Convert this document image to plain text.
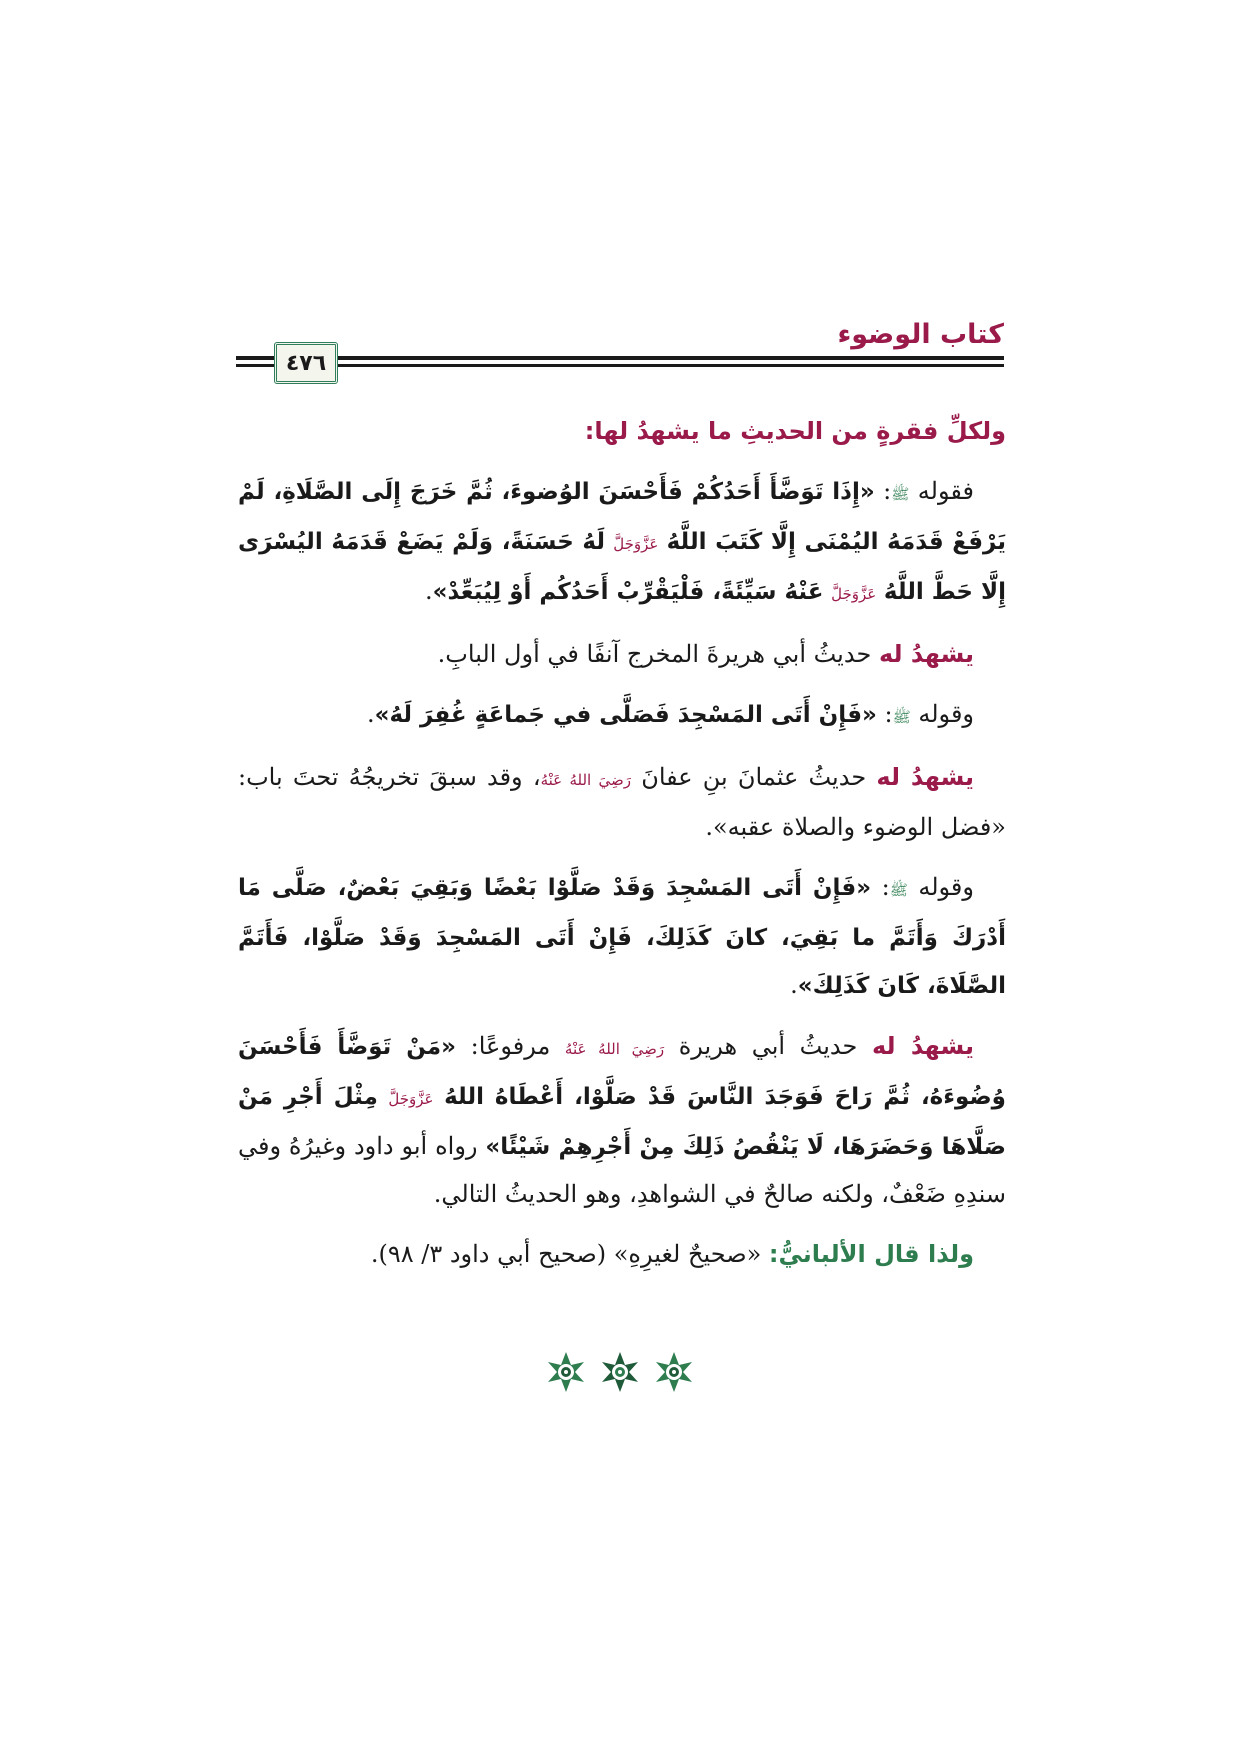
كتاب الوضوء
٤٧٦

ولكلِّ فقرةٍ من الحديثِ ما يشهدُ لها:

فقوله ﷺ: «إِذَا تَوَضَّأَ أَحَدُكُمْ فَأَحْسَنَ الوُضوءَ، ثُمَّ خَرَجَ إِلَى الصَّلَاةِ، لَمْ يَرْفَعْ قَدَمَهُ اليُمْنَى إِلَّا كَتَبَ اللَّهُ عَزَّوَجَلَّ لَهُ حَسَنَةً، وَلَمْ يَضَعْ قَدَمَهُ اليُسْرَى إِلَّا حَطَّ اللَّهُ عَزَّوَجَلَّ عَنْهُ سَيِّئَةً، فَلْيَقْرِّبْ أَحَدُكُم أَوْ لِيُبَعِّدْ».

يشهدُ له حديثُ أبي هريرةَ المخرج آنفًا في أول البابِ.

وقوله ﷺ: «فَإِنْ أَتَى المَسْجِدَ فَصَلَّى في جَماعَةٍ غُفِرَ لَهُ».

يشهدُ له حديثُ عثمانَ بنِ عفانَ رَضِيَ اللهُ عَنْهُ، وقد سبقَ تخريجُهُ تحتَ باب: «فضل الوضوء والصلاة عقبه».

وقوله ﷺ: «فَإِنْ أَتَى المَسْجِدَ وَقَدْ صَلَّوْا بَعْضًا وَبَقِيَ بَعْضٌ، صَلَّى مَا أَدْرَكَ وَأَتَمَّ ما بَقِيَ، كانَ كَذَلِكَ، فَإِنْ أَتَى المَسْجِدَ وَقَدْ صَلَّوْا، فَأَتَمَّ الصَّلَاةَ، كَانَ كَذَلِكَ».

يشهدُ له حديثُ أبي هريرة رَضِيَ اللهُ عَنْهُ مرفوعًا: «مَنْ تَوَضَّأَ فَأَحْسَنَ وُضُوءَهُ، ثُمَّ رَاحَ فَوَجَدَ النَّاسَ قَدْ صَلَّوْا، أَعْطَاهُ اللهُ عَزَّوَجَلَّ مِثْلَ أَجْرِ مَنْ صَلَّاهَا وَحَضَرَهَا، لَا يَنْقُصُ ذَلِكَ مِنْ أَجْرِهِمْ شَيْئًا» رواه أبو داود وغيرُهُ وفي سندِهِ ضَعْفٌ، ولكنه صالحٌ في الشواهدِ، وهو الحديثُ التالي.

ولذا قال الألبانيُّ: «صحيحٌ لغيرِهِ» (صحيح أبي داود ٣/ ٩٨).
